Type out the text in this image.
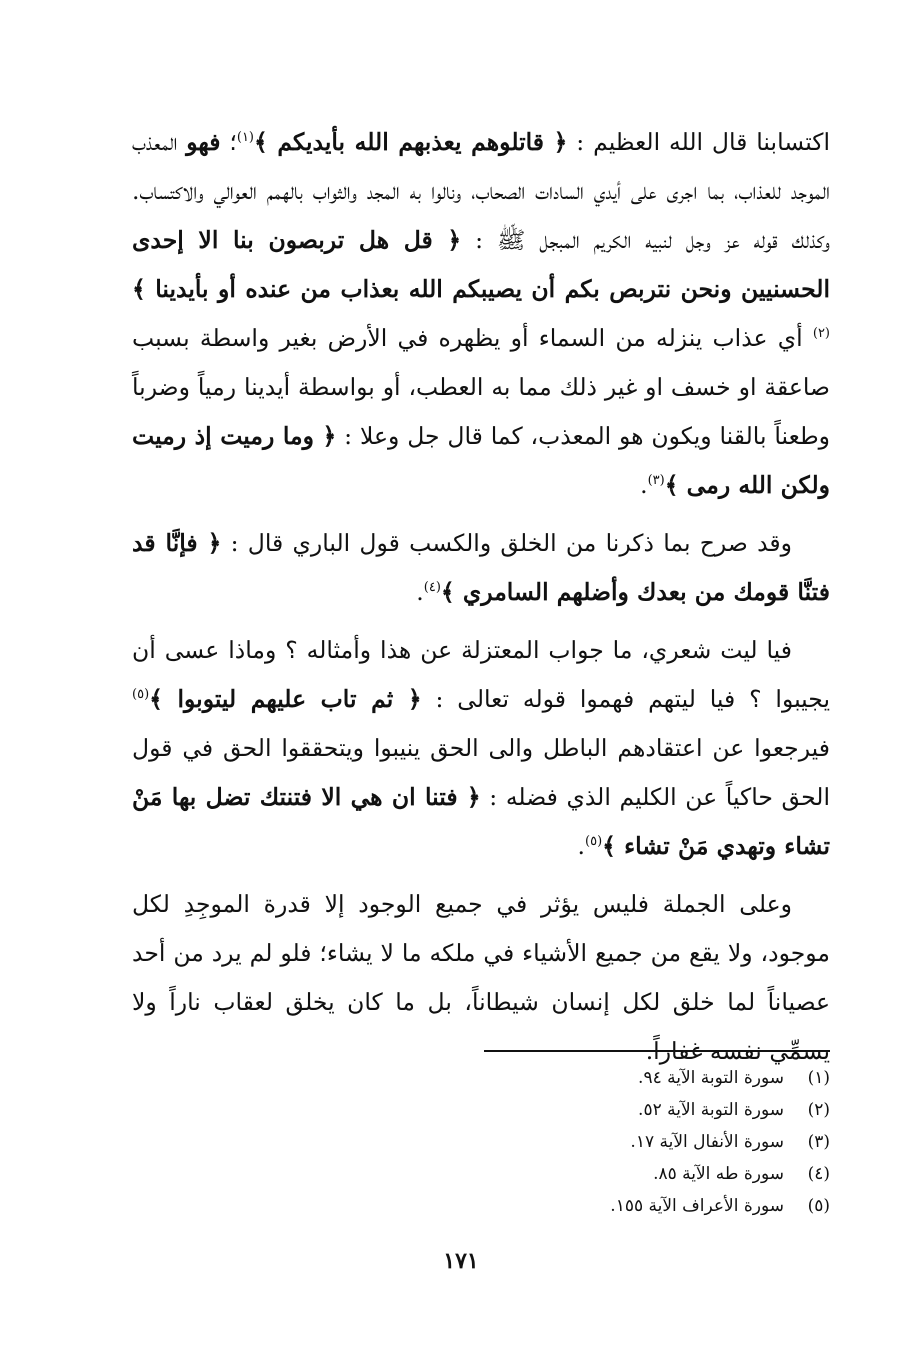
اكتسابنا قال الله العظيم : ﴿ قاتلوهم يعذبهم الله بأيديكم ﴾$^{(١)}$؛ فهو المعذب الموجد للعذاب، بما اجرى على أيدي السادات الصحاب، ونالوا به المجد والثواب بالهمم العوالي والاكتساب. وكذلك قوله عز وجل لنبيه الكريم المبجل ﷺ : ﴿ قل هل تربصون بنا الا إحدى الحسنيين ونحن نتربص بكم أن يصيبكم الله بعذاب من عنده أو بأيدينا ﴾$^{(٢)}$ أي عذاب ينزله من السماء أو يظهره في الأرض بغير واسطة بسبب صاعقة او خسف او غير ذلك مما به العطب، أو بواسطة أيدينا رمياً وضرباً وطعناً بالقنا ويكون هو المعذب، كما قال جل وعلا : ﴿ وما رميت إذ رميت ولكن الله رمى ﴾$^{(٣)}$.

وقد صرح بما ذكرنا من الخلق والكسب قول الباري قال : ﴿ فإنَّا قد فتنَّا قومك من بعدك وأضلهم السامري ﴾$^{(٤)}$.

فيا ليت شعري، ما جواب المعتزلة عن هذا وأمثاله ؟ وماذا عسى أن يجيبوا ؟ فيا ليتهم فهموا قوله تعالى : ﴿ ثم تاب عليهم ليتوبوا ﴾$^{(٥)}$ فيرجعوا عن اعتقادهم الباطل والى الحق ينيبوا ويتحققوا الحق في قول الحق حاكياً عن الكليم الذي فضله : ﴿ فتنا ان هي الا فتنتك تضل بها مَنْ تشاء وتهدي مَنْ تشاء ﴾$^{(٥)}$.

وعلى الجملة فليس يؤثر في جميع الوجود إلا قدرة الموجِدِ لكل موجود، ولا يقع من جميع الأشياء في ملكه ما لا يشاء؛ فلو لم يرد من أحد عصياناً لما خلق لكل إنسان شيطاناً، بل ما كان يخلق لعقاب ناراً ولا يسمِّي نفسه غفاراً.

(١)
سورة التوبة الآية ٩٤.
(٢)
سورة التوبة الآية ٥٢.
(٣)
سورة الأنفال الآية ١٧.
(٤)
سورة طه الآية ٨٥.
(٥)
سورة الأعراف الآية ١٥٥.
١٧١
